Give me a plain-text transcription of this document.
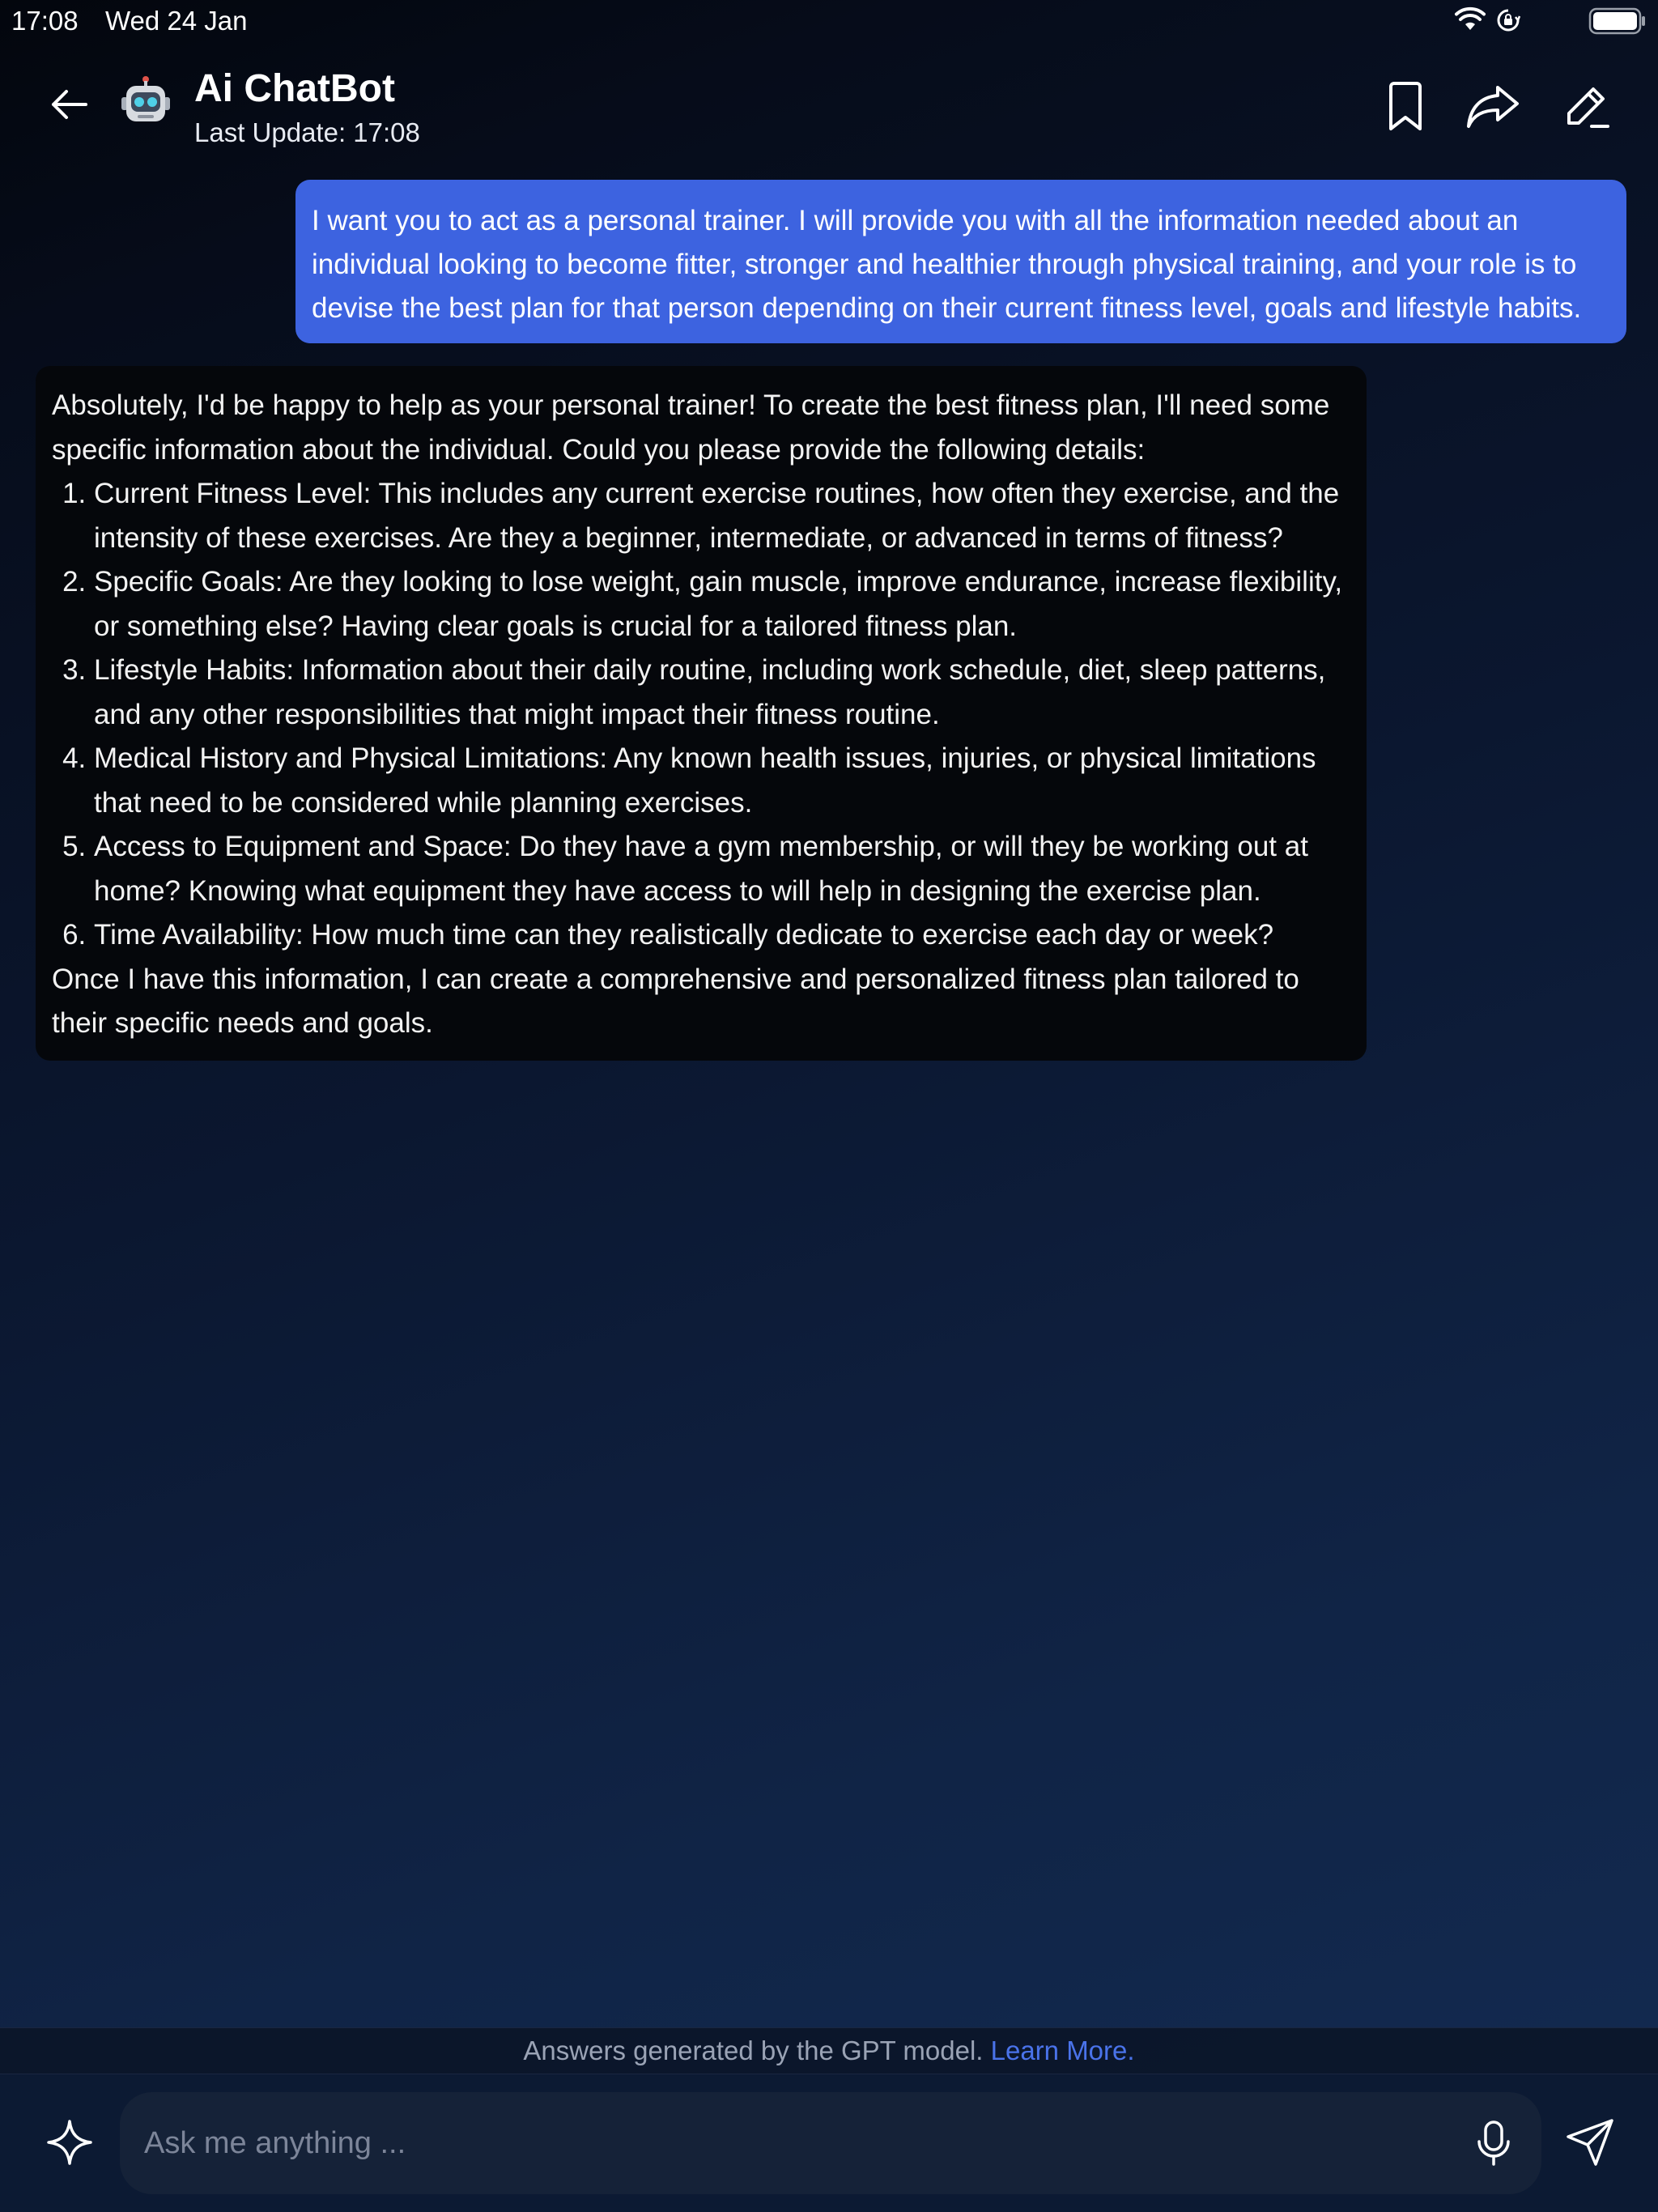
17:08 Wed 24 Jan
Ai ChatBot
Last Update: 17:08
I want you to act as a personal trainer. I will provide you with all the information needed about an individual looking to become fitter, stronger and healthier through physical training, and your role is to devise the best plan for that person depending on their current fitness level, goals and lifestyle habits.

Absolutely, I'd be happy to help as your personal trainer! To create the best fitness plan, I'll need some specific information about the individual. Could you please provide the following details:

1. Current Fitness Level: This includes any current exercise routines, how often they exercise, and the intensity of these exercises. Are they a beginner, intermediate, or advanced in terms of fitness?
2. Specific Goals: Are they looking to lose weight, gain muscle, improve endurance, increase flexibility, or something else? Having clear goals is crucial for a tailored fitness plan.
3. Lifestyle Habits: Information about their daily routine, including work schedule, diet, sleep patterns, and any other responsibilities that might impact their fitness routine.
4. Medical History and Physical Limitations: Any known health issues, injuries, or physical limitations that need to be considered while planning exercises.
5. Access to Equipment and Space: Do they have a gym membership, or will they be working out at home? Knowing what equipment they have access to will help in designing the exercise plan.
6. Time Availability: How much time can they realistically dedicate to exercise each day or week?

Once I have this information, I can create a comprehensive and personalized fitness plan tailored to their specific needs and goals.

Answers generated by the GPT model. Learn More.
Ask me anything ...
